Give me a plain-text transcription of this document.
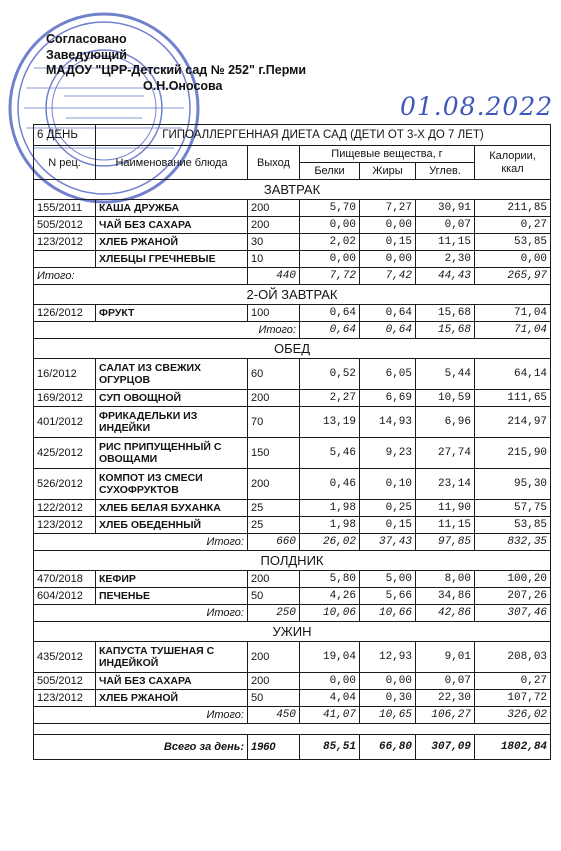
Согласовано
Заведующий
МАДОУ "ЦРР-Детский сад № 252" г.Перми
О.Н.Оносова
01.08.2022
6 ДЕНЬ	ГИПОАЛЛЕРГЕННАЯ ДИЕТА САД (ДЕТИ ОТ 3-Х ДО 7 ЛЕТ)					
N рец.	Наименование блюда	Выход	Пищевые вещества, г			Калории, ккал
			Белки	Жиры	Углев.	
ЗАВТРАК						
155/2011	КАША ДРУЖБА	200	5,70	7,27	30,91	211,85
505/2012	ЧАЙ БЕЗ САХАРА	200	0,00	0,00	0,07	0,27
123/2012	ХЛЕБ РЖАНОЙ	30	2,02	0,15	11,15	53,85
	ХЛЕБЦЫ ГРЕЧНЕВЫЕ	10	0,00	0,00	2,30	0,00
Итого:		440	7,72	7,42	44,43	265,97
2-ОЙ ЗАВТРАК						
126/2012	ФРУКТ	100	0,64	0,64	15,68	71,04
Итого:			0,64	0,64	15,68	71,04
ОБЕД						
16/2012	САЛАТ ИЗ СВЕЖИХ ОГУРЦОВ	60	0,52	6,05	5,44	64,14
169/2012	СУП ОВОЩНОЙ	200	2,27	6,69	10,59	111,65
401/2012	ФРИКАДЕЛЬКИ ИЗ ИНДЕЙКИ	70	13,19	14,93	6,96	214,97
425/2012	РИС ПРИПУЩЕННЫЙ С ОВОЩАМИ	150	5,46	9,23	27,74	215,90
526/2012	КОМПОТ ИЗ СМЕСИ СУХОФРУКТОВ	200	0,46	0,10	23,14	95,30
122/2012	ХЛЕБ БЕЛАЯ БУХАНКА	25	1,98	0,25	11,90	57,75
123/2012	ХЛЕБ ОБЕДЕННЫЙ	25	1,98	0,15	11,15	53,85
Итого:		660	26,02	37,43	97,85	832,35
ПОЛДНИК						
470/2018	КЕФИР	200	5,80	5,00	8,00	100,20
604/2012	ПЕЧЕНЬЕ	50	4,26	5,66	34,86	207,26
Итого:		250	10,06	10,66	42,86	307,46
УЖИН						
435/2012	КАПУСТА ТУШЕНАЯ С ИНДЕЙКОЙ	200	19,04	12,93	9,01	208,03
505/2012	ЧАЙ БЕЗ САХАРА	200	0,00	0,00	0,07	0,27
123/2012	ХЛЕБ РЖАНОЙ	50	4,04	0,30	22,30	107,72
Итого:		450	41,07	10,65	106,27	326,02

Всего за день:		1960	85,51	66,80	307,09	1802,84
